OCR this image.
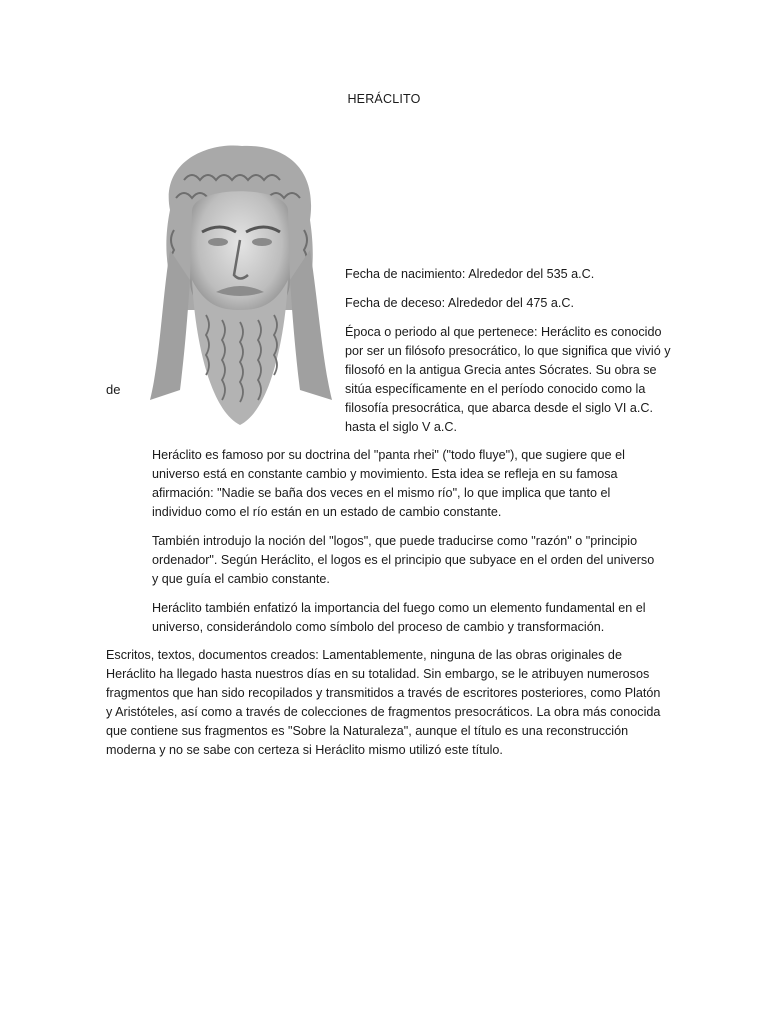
HERÁCLITO
de

Fecha de nacimiento: Alrededor del 535 a.C.

Fecha de deceso: Alrededor del 475 a.C.

Época o periodo al que pertenece: Heráclito es conocido por ser un filósofo presocrático, lo que significa que vivió y filosofó en la antigua Grecia antes Sócrates. Su obra se sitúa específicamente en el período conocido como la filosofía presocrática, que abarca desde el siglo VI a.C. hasta el siglo V a.C.

Heráclito es famoso por su doctrina del "panta rhei" ("todo fluye"), que sugiere que el universo está en constante cambio y movimiento. Esta idea se refleja en su famosa afirmación: "Nadie se baña dos veces en el mismo río", lo que implica que tanto el individuo como el río están en un estado de cambio constante.

También introdujo la noción del "logos", que puede traducirse como "razón" o "principio ordenador". Según Heráclito, el logos es el principio que subyace en el orden del universo y que guía el cambio constante.

Heráclito también enfatizó la importancia del fuego como un elemento fundamental en el universo, considerándolo como símbolo del proceso de cambio y transformación.

Escritos, textos, documentos creados: Lamentablemente, ninguna de las obras originales de Heráclito ha llegado hasta nuestros días en su totalidad. Sin embargo, se le atribuyen numerosos fragmentos que han sido recopilados y transmitidos a través de escritores posteriores, como Platón y Aristóteles, así como a través de colecciones de fragmentos presocráticos. La obra más conocida que contiene sus fragmentos es "Sobre la Naturaleza", aunque el título es una reconstrucción moderna y no se sabe con certeza si Heráclito mismo utilizó este título.
